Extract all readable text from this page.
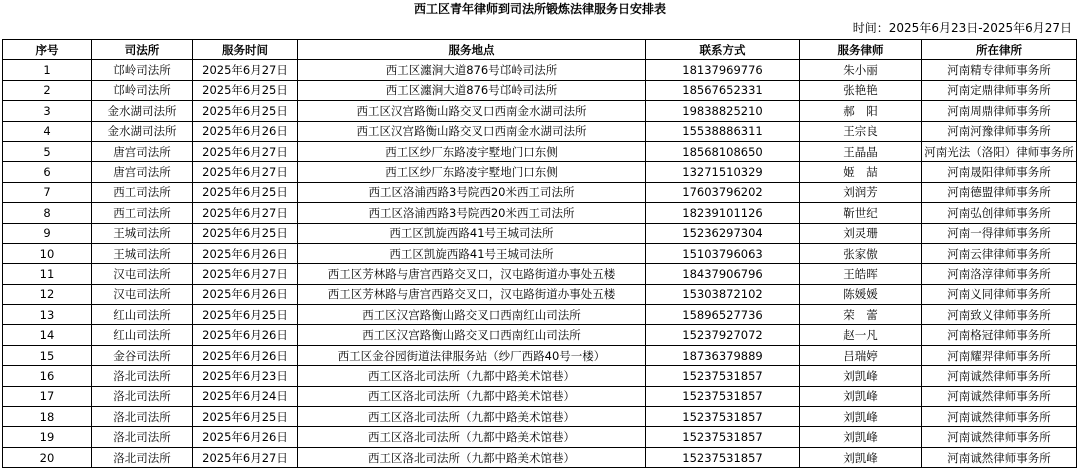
西工区青年律师到司法所锻炼法律服务日安排表
时间：2025年6月23日-2025年6月27日
序号	司法所	服务时间	服务地点	联系方式	服务律师	所在律所
1	邙岭司法所	2025年6月27日	西工区瀍涧大道876号邙岭司法所	18137969776	朱小丽	河南精专律师事务所
2	邙岭司法所	2025年6月25日	西工区瀍涧大道876号邙岭司法所	18567652331	张艳艳	河南定鼎律师事务所
3	金水湖司法所	2025年6月25日	西工区汉宫路衡山路交叉口西南金水湖司法所	19838825210	郝　阳	河南周鼎律师事务所
4	金水湖司法所	2025年6月26日	西工区汉宫路衡山路交叉口西南金水湖司法所	15538886311	王宗良	河南河豫律师事务所
5	唐宫司法所	2025年6月27日	西工区纱厂东路凌宇墅地门口东侧	18568108650	王晶晶	河南光法（洛阳）律师事务所
6	唐宫司法所	2025年6月27日	西工区纱厂东路凌宇墅地门口东侧	13271510329	姬　喆	河南晟阳律师事务所
7	西工司法所	2025年6月25日	西工区洛浦西路3号院西20米西工司法所	17603796202	刘润芳	河南德盟律师事务所
8	西工司法所	2025年6月27日	西工区洛浦西路3号院西20米西工司法所	18239101126	靳世纪	河南弘创律师事务所
9	王城司法所	2025年6月25日	西工区凯旋西路41号王城司法所	15236297304	刘灵珊	河南一得律师事务所
10	王城司法所	2025年6月26日	西工区凯旋西路41号王城司法所	15103796063	张家傲	河南云律律师事务所
11	汉屯司法所	2025年6月27日	西工区芳林路与唐宫西路交叉口，汉屯路街道办事处五楼	18437906796	王皓晖	河南洛淳律师事务所
12	汉屯司法所	2025年6月26日	西工区芳林路与唐宫西路交叉口，汉屯路街道办事处五楼	15303872102	陈媛媛	河南义同律师事务所
13	红山司法所	2025年6月25日	西工区汉宫路衡山路交叉口西南红山司法所	15896527736	荣　蕾	河南致义律师事务所
14	红山司法所	2025年6月26日	西工区汉宫路衡山路交叉口西南红山司法所	15237927072	赵一凡	河南格冠律师事务所
15	金谷司法所	2025年6月26日	西工区金谷园街道法律服务站（纱厂西路40号一楼）	18736379889	吕瑞婷	河南耀羿律师事务所
16	洛北司法所	2025年6月23日	西工区洛北司法所（九都中路美术馆巷）	15237531857	刘凯峰	河南诚然律师事务所
17	洛北司法所	2025年6月24日	西工区洛北司法所（九都中路美术馆巷）	15237531857	刘凯峰	河南诚然律师事务所
18	洛北司法所	2025年6月25日	西工区洛北司法所（九都中路美术馆巷）	15237531857	刘凯峰	河南诚然律师事务所
19	洛北司法所	2025年6月26日	西工区洛北司法所（九都中路美术馆巷）	15237531857	刘凯峰	河南诚然律师事务所
20	洛北司法所	2025年6月27日	西工区洛北司法所（九都中路美术馆巷）	15237531857	刘凯峰	河南诚然律师事务所
